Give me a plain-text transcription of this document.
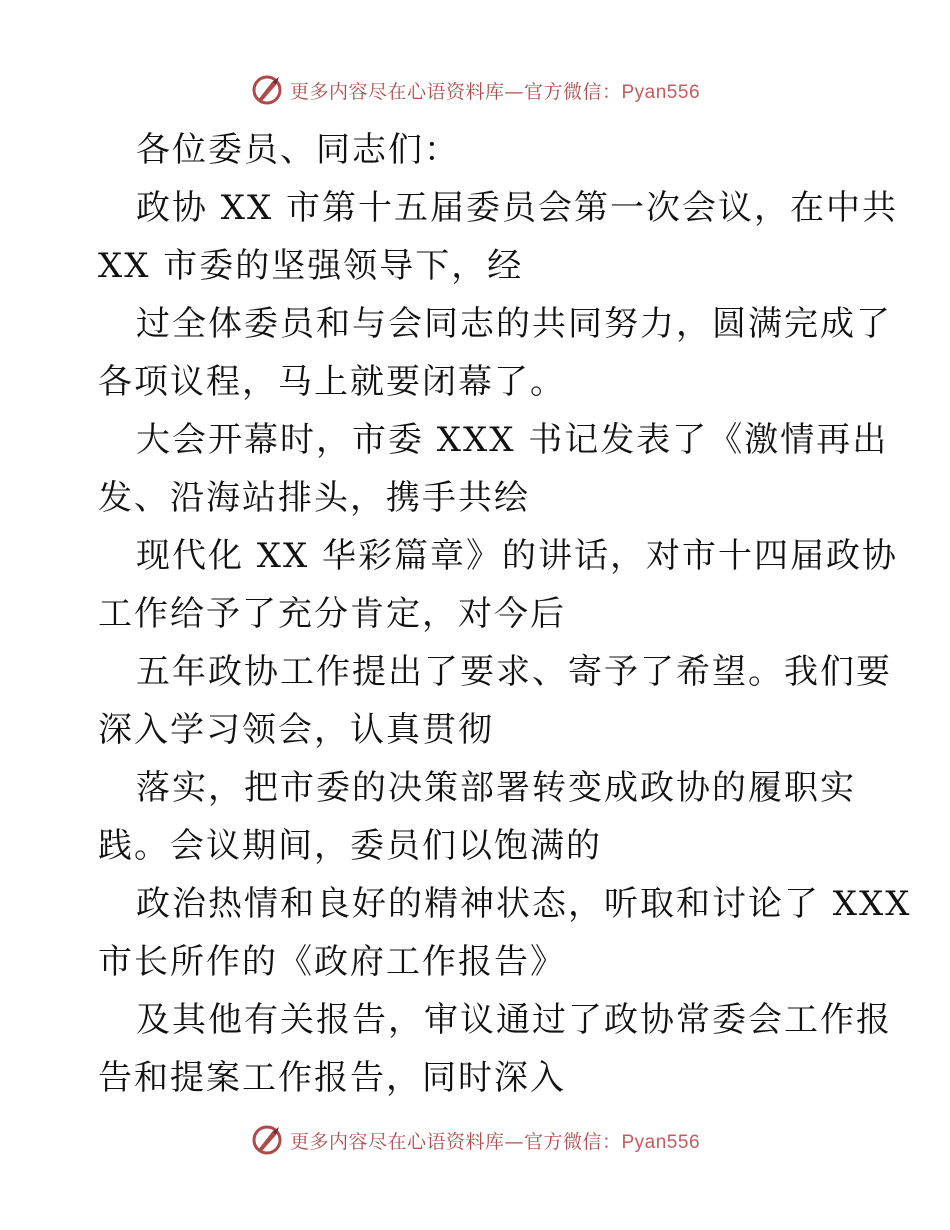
更多内容尽在心语资料库—官方微信：Pyan556
各位委员、同志们：
政协 XX 市第十五届委员会第一次会议，在中共
XX 市委的坚强领导下，经
过全体委员和与会同志的共同努力，圆满完成了
各项议程，马上就要闭幕了。
大会开幕时，市委 XXX 书记发表了《激情再出
发、沿海站排头，携手共绘
现代化 XX 华彩篇章》的讲话，对市十四届政协
工作给予了充分肯定，对今后
五年政协工作提出了要求、寄予了希望。我们要
深入学习领会，认真贯彻
落实，把市委的决策部署转变成政协的履职实
践。会议期间，委员们以饱满的
政治热情和良好的精神状态，听取和讨论了 XXX
市长所作的《政府工作报告》
及其他有关报告，审议通过了政协常委会工作报
告和提案工作报告，同时深入
更多内容尽在心语资料库—官方微信：Pyan556
